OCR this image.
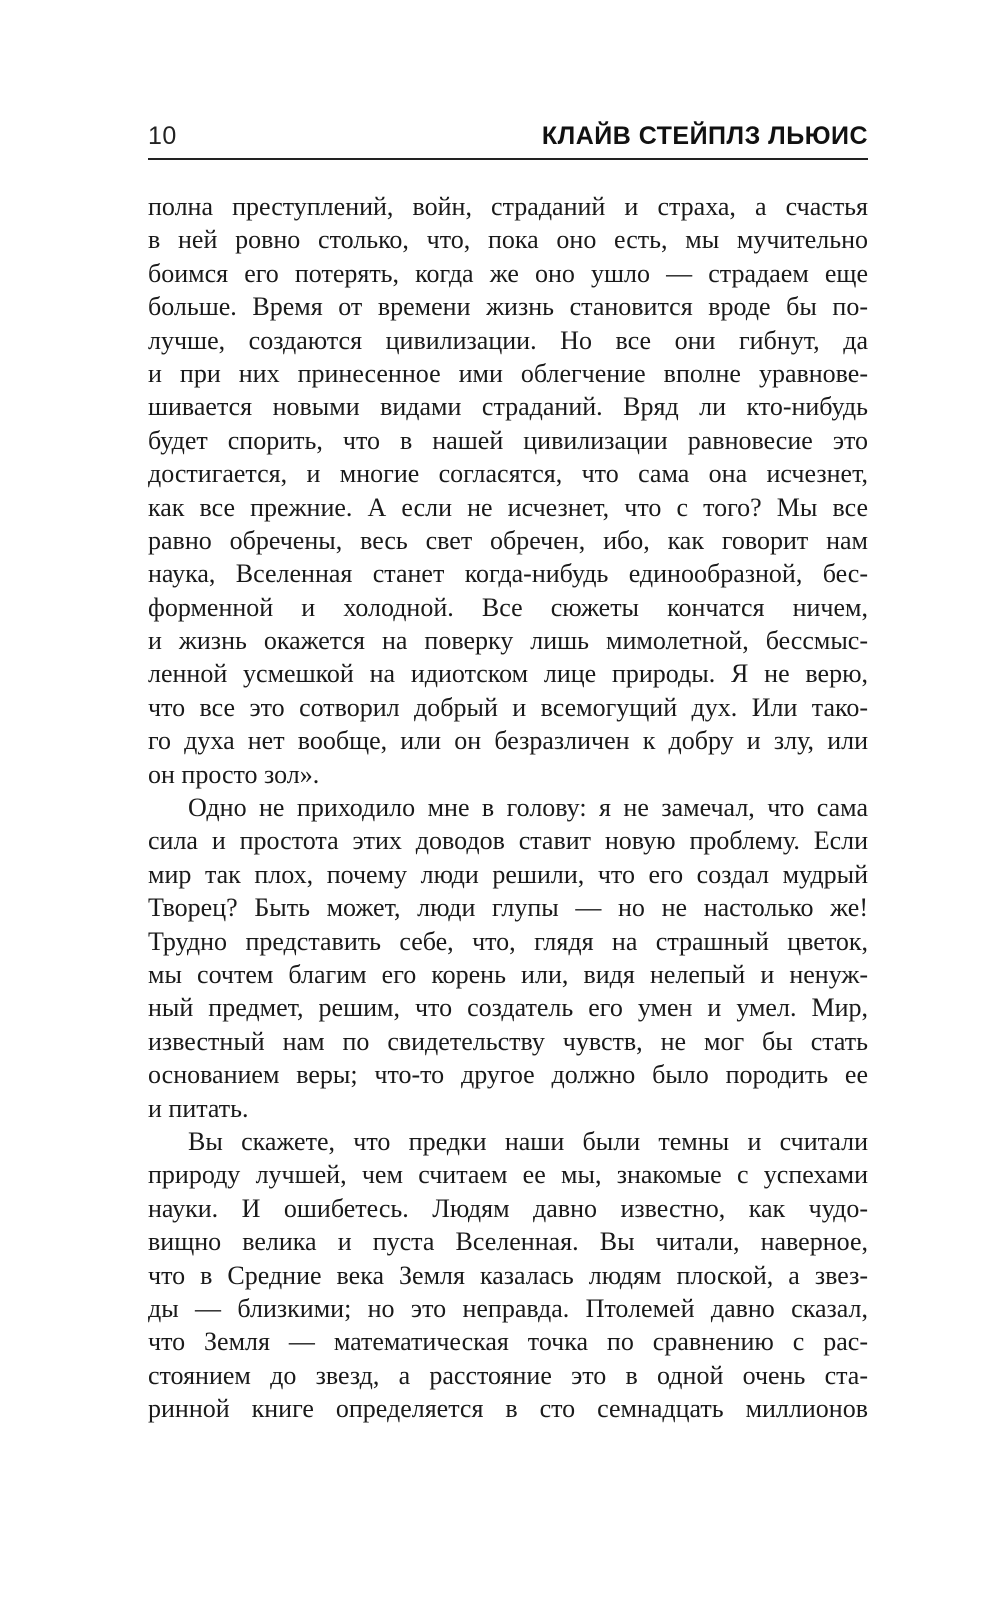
10	КЛАЙВ СТЕЙПЛЗ ЛЬЮИС
полна преступлений, войн, страданий и страха, а счастья
в ней ровно столько, что, пока оно есть, мы мучительно
боимся его потерять, когда же оно ушло — страдаем еще
больше. Время от времени жизнь становится вроде бы по-
лучше, создаются цивилизации. Но все они гибнут, да
и при них принесенное ими облегчение вполне уравнове-
шивается новыми видами страданий. Вряд ли кто-нибудь
будет спорить, что в нашей цивилизации равновесие это
достигается, и многие согласятся, что сама она исчезнет,
как все прежние. А если не исчезнет, что с того? Мы все
равно обречены, весь свет обречен, ибо, как говорит нам
наука, Вселенная станет когда-нибудь единообразной, бес-
форменной и холодной. Все сюжеты кончатся ничем,
и жизнь окажется на поверку лишь мимолетной, бессмыс-
ленной усмешкой на идиотском лице природы. Я не верю,
что все это сотворил добрый и всемогущий дух. Или тако-
го духа нет вообще, или он безразличен к добру и злу, или
он просто зол».
Одно не приходило мне в голову: я не замечал, что сама
сила и простота этих доводов ставит новую проблему. Если
мир так плох, почему люди решили, что его создал мудрый
Творец? Быть может, люди глупы — но не настолько же!
Трудно представить себе, что, глядя на страшный цветок,
мы сочтем благим его корень или, видя нелепый и ненуж-
ный предмет, решим, что создатель его умен и умел. Мир,
известный нам по свидетельству чувств, не мог бы стать
основанием веры; что-то другое должно было породить ее
и питать.
Вы скажете, что предки наши были темны и считали
природу лучшей, чем считаем ее мы, знакомые с успехами
науки. И ошибетесь. Людям давно известно, как чудо-
вищно велика и пуста Вселенная. Вы читали, наверное,
что в Средние века Земля казалась людям плоской, а звез-
ды — близкими; но это неправда. Птолемей давно сказал,
что Земля — математическая точка по сравнению с рас-
стоянием до звезд, а расстояние это в одной очень ста-
ринной книге определяется в сто семнадцать миллионов
